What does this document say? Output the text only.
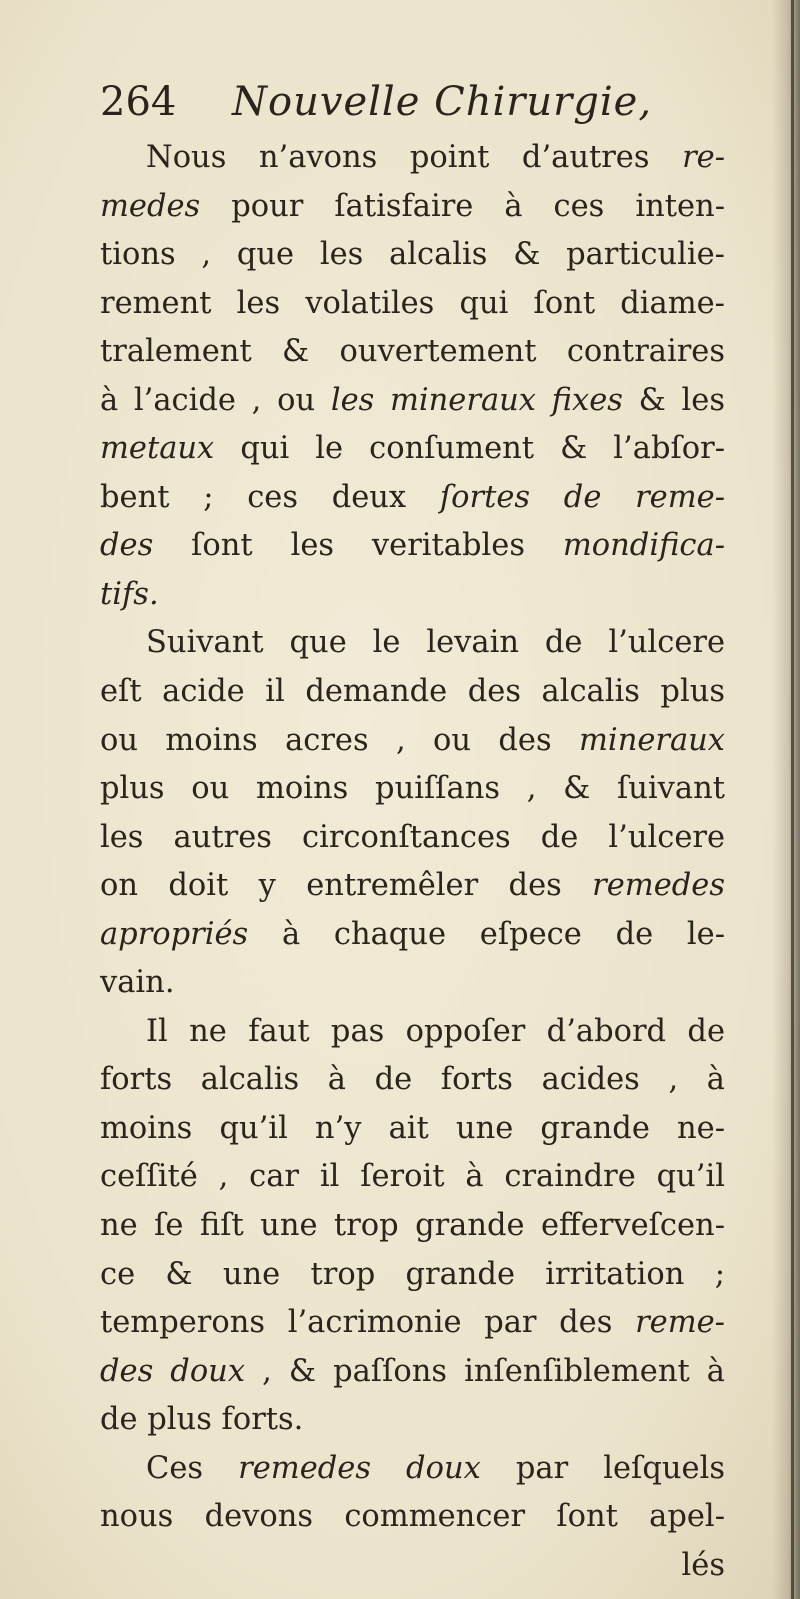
264 Nouvelle Chirurgie,
Nous n’avons point d’autres re-
medes pour ſatisfaire à ces inten-
tions , que les alcalis & particulie-
rement les volatiles qui ſont diame-
tralement & ouvertement contraires
à l’acide , ou les mineraux fixes & les
metaux qui le conſument & l’abſor-
bent ; ces deux ſortes de reme-
des ſont les veritables mondifica-
tifs.
Suivant que le levain de l’ulcere
eſt acide il demande des alcalis plus
ou moins acres , ou des mineraux
plus ou moins puiſſans , & ſuivant
les autres circonſtances de l’ulcere
on doit y entremêler des remedes
apropriés à chaque eſpece de le-
vain.
Il ne faut pas oppoſer d’abord de
forts alcalis à de forts acides , à
moins qu’il n’y ait une grande ne-
ceſſité , car il ſeroit à craindre qu’il
ne ſe fiſt une trop grande efferveſcen-
ce & une trop grande irritation ;
temperons l’acrimonie par des reme-
des doux , & paſſons inſenſiblement à
de plus forts.
Ces remedes doux par leſquels
nous devons commencer ſont apel-
lés
